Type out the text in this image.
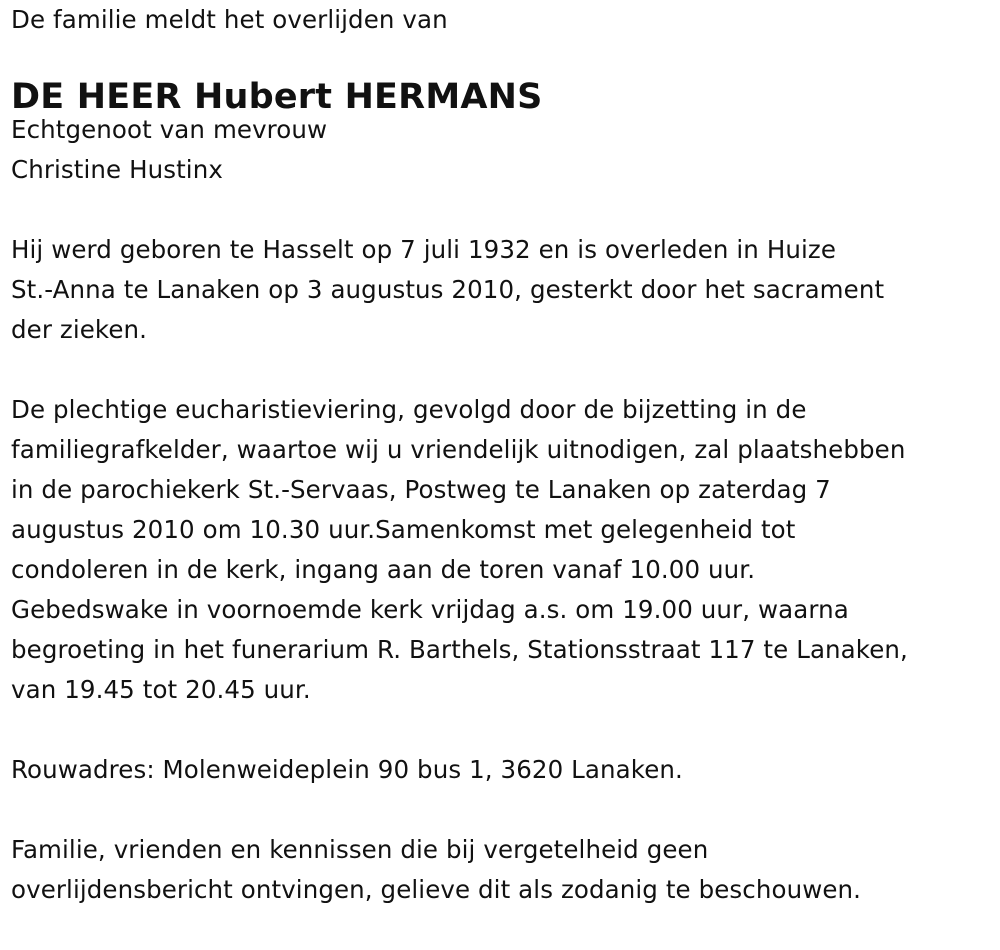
De familie meldt het overlijden van
DE HEER Hubert HERMANS
Echtgenoot van mevrouw
Christine Hustinx
Hij werd geboren te Hasselt op 7 juli 1932 en is overleden in Huize
St.-Anna te Lanaken op 3 augustus 2010, gesterkt door het sacrament
der zieken.
De plechtige eucharistieviering, gevolgd door de bijzetting in de
familiegrafkelder, waartoe wij u vriendelijk uitnodigen, zal plaatshebben
in de parochiekerk St.-Servaas, Postweg te Lanaken op zaterdag 7
augustus 2010 om 10.30 uur.Samenkomst met gelegenheid tot
condoleren in de kerk, ingang aan de toren vanaf 10.00 uur.
Gebedswake in voornoemde kerk vrijdag a.s. om 19.00 uur, waarna
begroeting in het funerarium R. Barthels, Stationsstraat 117 te Lanaken,
van 19.45 tot 20.45 uur.
Rouwadres: Molenweideplein 90 bus 1, 3620 Lanaken.
Familie, vrienden en kennissen die bij vergetelheid geen
overlijdensbericht ontvingen, gelieve dit als zodanig te beschouwen.
